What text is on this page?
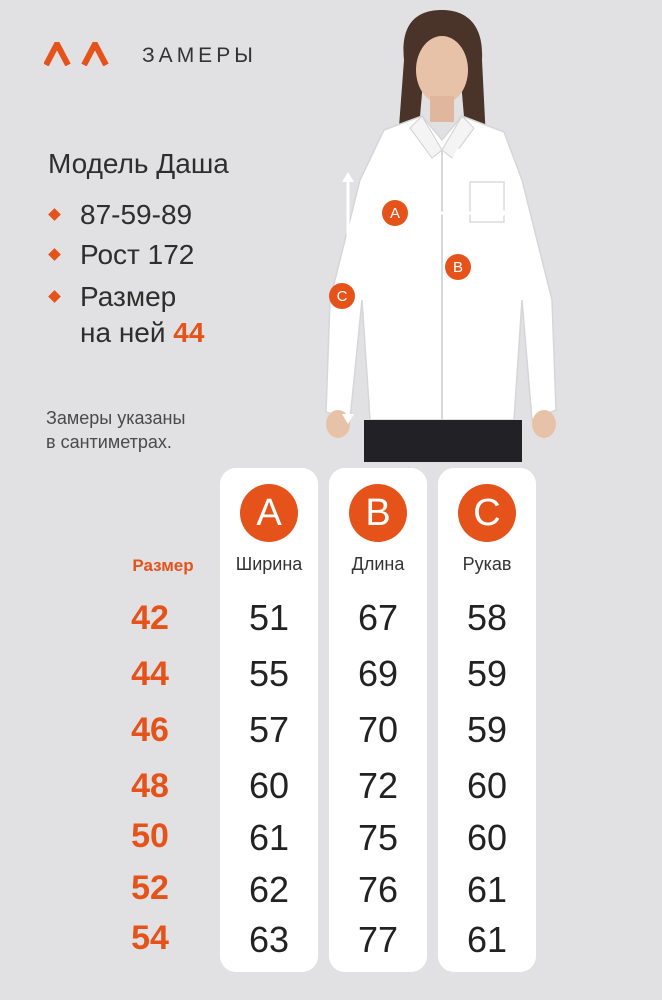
ЗАМЕРЫ
Модель Даша
87-59-89
Рост 172
Размер
на ней 44
Замеры указаны
в сантиметрах.
A
B
C
Размер
42
44
46
48
50
52
54
A
Ширина
51
55
57
60
61
62
63
B
Длина
67
69
70
72
75
76
77
C
Рукав
58
59
59
60
60
61
61
